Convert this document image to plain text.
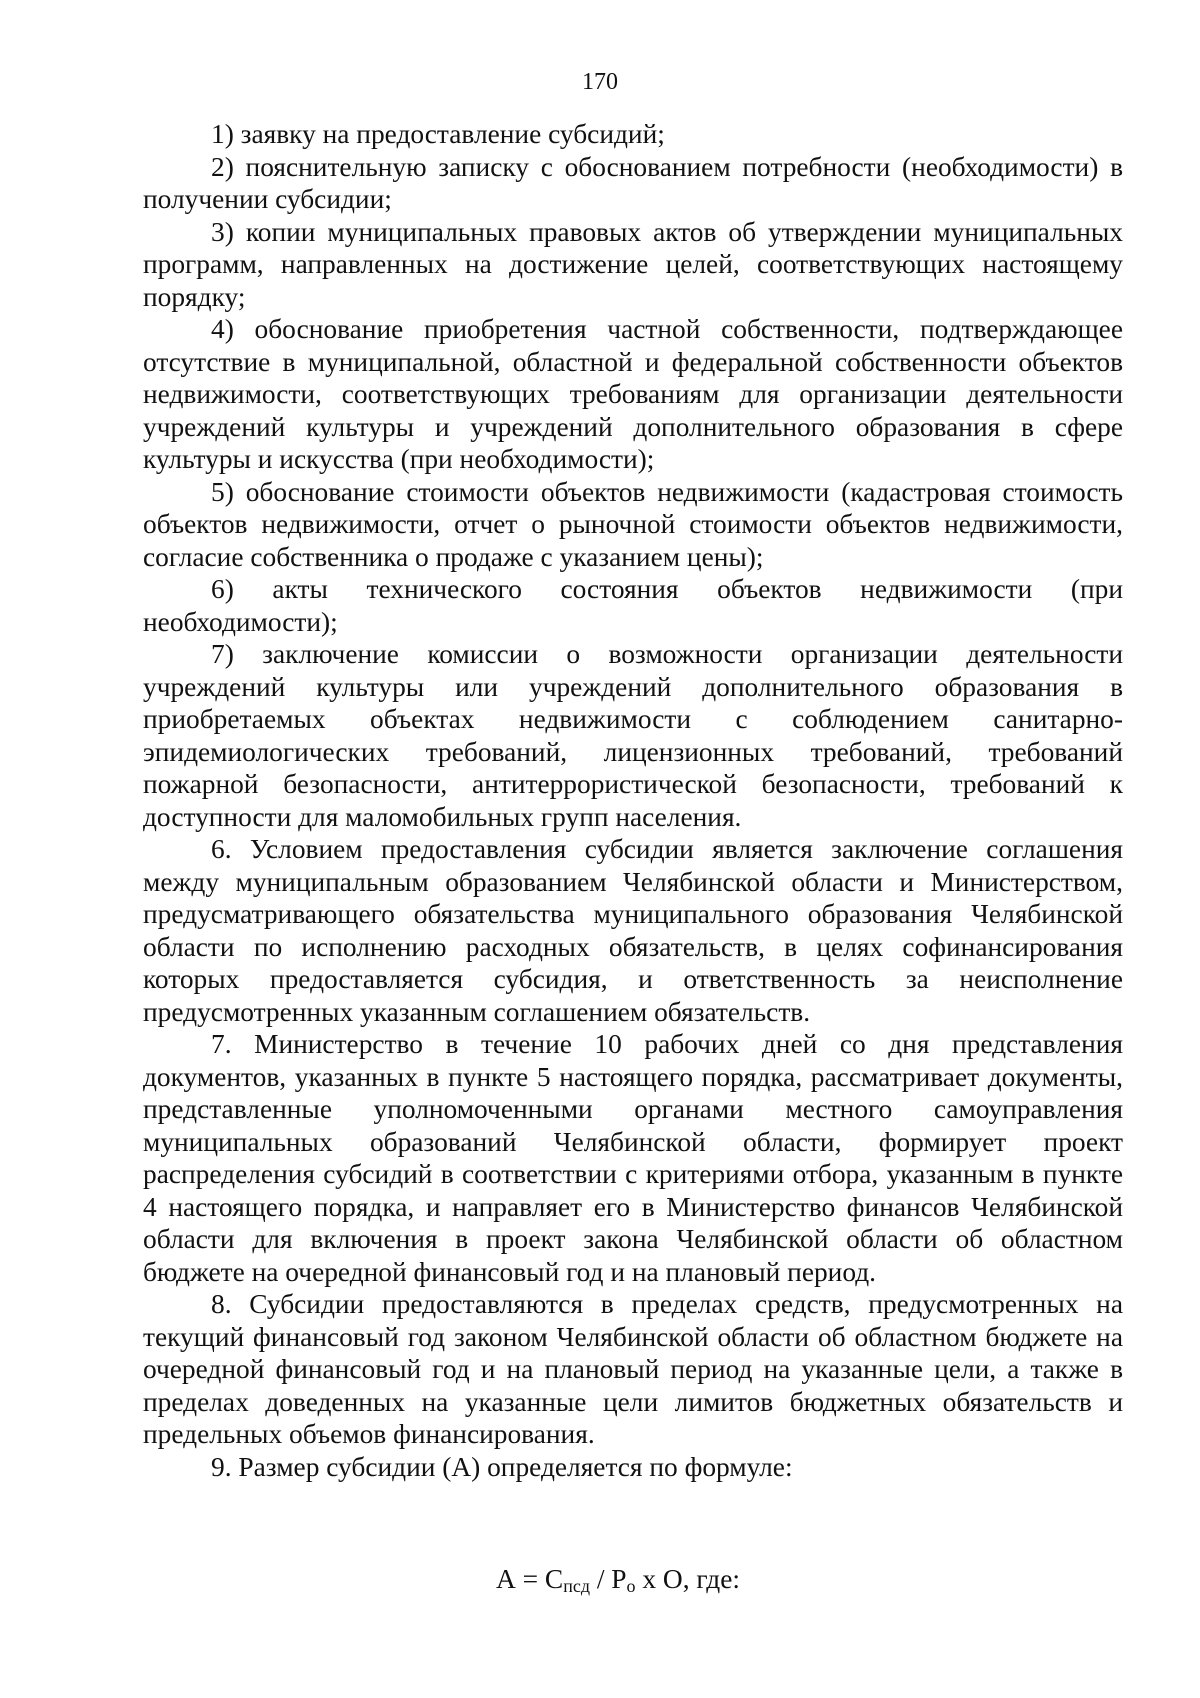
170

1) заявку на предоставление субсидий;

2) пояснительную записку с обоснованием потребности (необходимости) в получении субсидии;

3) копии муниципальных правовых актов об утверждении муниципальных программ, направленных на достижение целей, соответствующих настоящему порядку;

4) обоснование приобретения частной собственности, подтверждающее отсутствие в муниципальной, областной и федеральной собственности объектов недвижимости, соответствующих требованиям для организации деятельности учреждений культуры и учреждений дополнительного образования в сфере культуры и искусства (при необходимости);

5) обоснование стоимости объектов недвижимости (кадастровая стоимость объектов недвижимости, отчет о рыночной стоимости объектов недвижимости, согласие собственника о продаже с указанием цены);

6) акты технического состояния объектов недвижимости (при необходимости);

7) заключение комиссии о возможности организации деятельности учреждений культуры или учреждений дополнительного образования в приобретаемых объектах недвижимости с соблюдением санитарно-эпидемиологических требований, лицензионных требований, требований пожарной безопасности, антитеррористической безопасности, требований к доступности для маломобильных групп населения.

6. Условием предоставления субсидии является заключение соглашения между муниципальным образованием Челябинской области и Министерством, предусматривающего обязательства муниципального образования Челябинской области по исполнению расходных обязательств, в целях софинансирования которых предоставляется субсидия, и ответственность за неисполнение предусмотренных указанным соглашением обязательств.

7. Министерство в течение 10 рабочих дней со дня представления документов, указанных в пункте 5 настоящего порядка, рассматривает документы, представленные уполномоченными органами местного самоуправления муниципальных образований Челябинской области, формирует проект распределения субсидий в соответствии с критериями отбора, указанным в пункте 4 настоящего порядка, и направляет его в Министерство финансов Челябинской области для включения в проект закона Челябинской области об областном бюджете на очередной финансовый год и на плановый период.

8. Субсидии предоставляются в пределах средств, предусмотренных на текущий финансовый год законом Челябинской области об областном бюджете на очередной финансовый год и на плановый период на указанные цели, а также в пределах доведенных на указанные цели лимитов бюджетных обязательств и предельных объемов финансирования.

9. Размер субсидии (А) определяется по формуле:

$А = С_{псд} / Р_о$ х О, где:
